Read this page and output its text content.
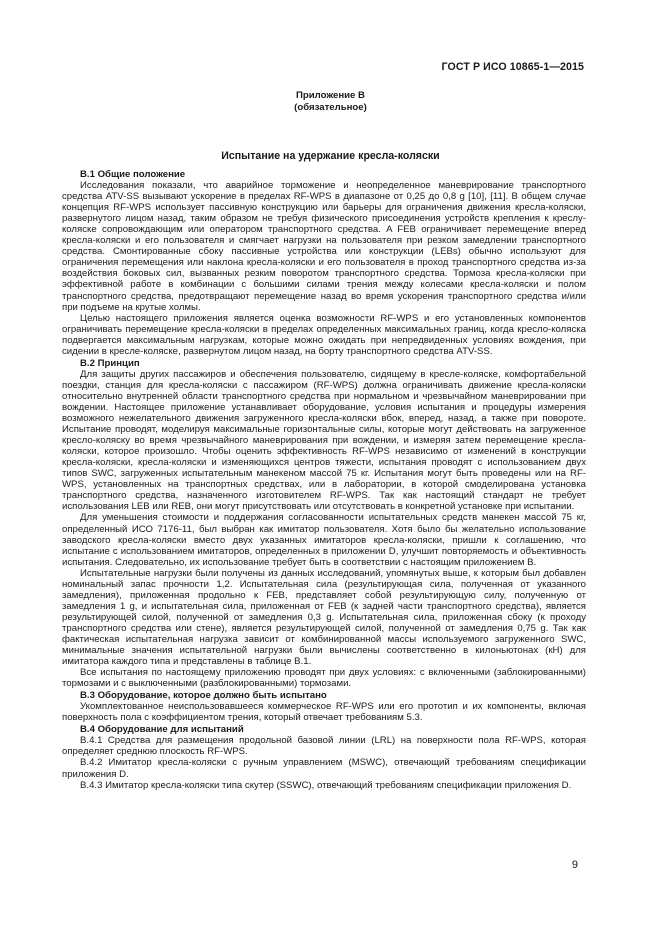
ГОСТ Р ИСО 10865-1—2015
Приложение В
(обязательное)
Испытание на удержание кресла-коляски
В.1 Общие положение

Исследования показали, что аварийное торможение и неопределенное маневрирование транспортного средства ATV-SS вызывают ускорение в пределах RF-WPS в диапазоне от 0,25 до 0,8 g [10], [11]. В общем случае концепция RF-WPS использует пассивную конструкцию или барьеры для ограничения движения кресла-коляски, развернутого лицом назад, таким образом не требуя физического присоединения устройств крепления к креслу-коляске сопровождающим или оператором транспортного средства. A FEB ограничивает перемещение вперед кресла-коляски и его пользователя и смягчает нагрузки на пользователя при резком замедлении транспортного средства. Смонтированные сбоку пассивные устройства или конструкции (LEBs) обычно используют для ограничения перемещения или наклона кресла-коляски и его пользователя в проход транспортного средства из-за воздействия боковых сил, вызванных резким поворотом транспортного средства. Тормоза кресла-коляски при эффективной работе в комбинации с большими силами трения между колесами кресла-коляски и полом транспортного средства, предотвращают перемещение назад во время ускорения транспортного средства и/или при подъеме на крутые холмы.

Целью настоящего приложения является оценка возможности RF-WPS и его установленных компонентов ограничивать перемещение кресла-коляски в пределах определенных максимальных границ, когда кресло-коляска подвергается максимальным нагрузкам, которые можно ожидать при непредвиденных условиях вождения, при сидении в кресле-коляске, развернутом лицом назад, на борту транспортного средства ATV-SS.

В.2 Принцип

Для защиты других пассажиров и обеспечения пользователю, сидящему в кресле-коляске, комфортабельной поездки, станция для кресла-коляски с пассажиром (RF-WPS) должна ограничивать движение кресла-коляски относительно внутренней области транспортного средства при нормальном и чрезвычайном маневрировании при вождении. Настоящее приложение устанавливает оборудование, условия испытания и процедуры измерения возможного нежелательного движения загруженного кресла-коляски вбок, вперед, назад, а также при повороте. Испытание проводят, моделируя максимальные горизонтальные силы, которые могут действовать на загруженное кресло-коляску во время чрезвычайного маневрирования при вождении, и измеряя затем перемещение кресла-коляски, которое произошло. Чтобы оценить эффективность RF-WPS независимо от изменений в конструкции кресла-коляски, кресла-коляски и изменяющихся центров тяжести, испытания проводят с использованием двух типов SWC, загруженных испытательным манекеном массой 75 кг. Испытания могут быть проведены или на RF-WPS, установленных на транспортных средствах, или в лаборатории, в которой смоделирована установка транспортного средства, назначенного изготовителем RF-WPS. Так как настоящий стандарт не требует использования LEB или REB, они могут присутствовать или отсутствовать в конкретной установке при испытании.

Для уменьшения стоимости и поддержания согласованности испытательных средств манекен массой 75 кг, определенный ИСО 7176-11, был выбран как имитатор пользователя. Хотя было бы желательно использование заводского кресла-коляски вместо двух указанных имитаторов кресла-коляски, пришли к соглашению, что испытание с использованием имитаторов, определенных в приложении D, улучшит повторяемость и объективность испытания. Следовательно, их использование требует быть в соответствии с настоящим приложением В.

Испытательные нагрузки были получены из данных исследований, упомянутых выше, к которым был добавлен номинальный запас прочности 1,2. Испытательная сила (результирующая сила, полученная от указанного замедления), приложенная продольно к FEB, представляет собой результирующую силу, полученную от замедления 1 g, и испытательная сила, приложенная от FEB (к задней части транспортного средства), является результирующей силой, полученной от замедления 0,3 g. Испытательная сила, приложенная сбоку (к проходу транспортного средства или стене), является результирующей силой, полученной от замедления 0,75 g. Так как фактическая испытательная нагрузка зависит от комбинированной массы используемого загруженного SWC, минимальные значения испытательной нагрузки были вычислены соответственно в килоньютонах (кН) для имитатора каждого типа и представлены в таблице В.1.

Все испытания по настоящему приложению проводят при двух условиях: с включенными (заблокированными) тормозами и с выключенными (разблокированными) тормозами.

В.3 Оборудование, которое должно быть испытано

Укомплектованное неиспользовавшееся коммерческое RF-WPS или его прототип и их компоненты, включая поверхность пола с коэффициентом трения, который отвечает требованиям 5.3.

В.4 Оборудование для испытаний

В.4.1 Средства для размещения продольной базовой линии (LRL) на поверхности пола RF-WPS, которая определяет среднюю плоскость RF-WPS.

В.4.2 Имитатор кресла-коляски с ручным управлением (MSWC), отвечающий требованиям спецификации приложения D.

В.4.3 Имитатор кресла-коляски типа скутер (SSWC), отвечающий требованиям спецификации приложения D.

9
